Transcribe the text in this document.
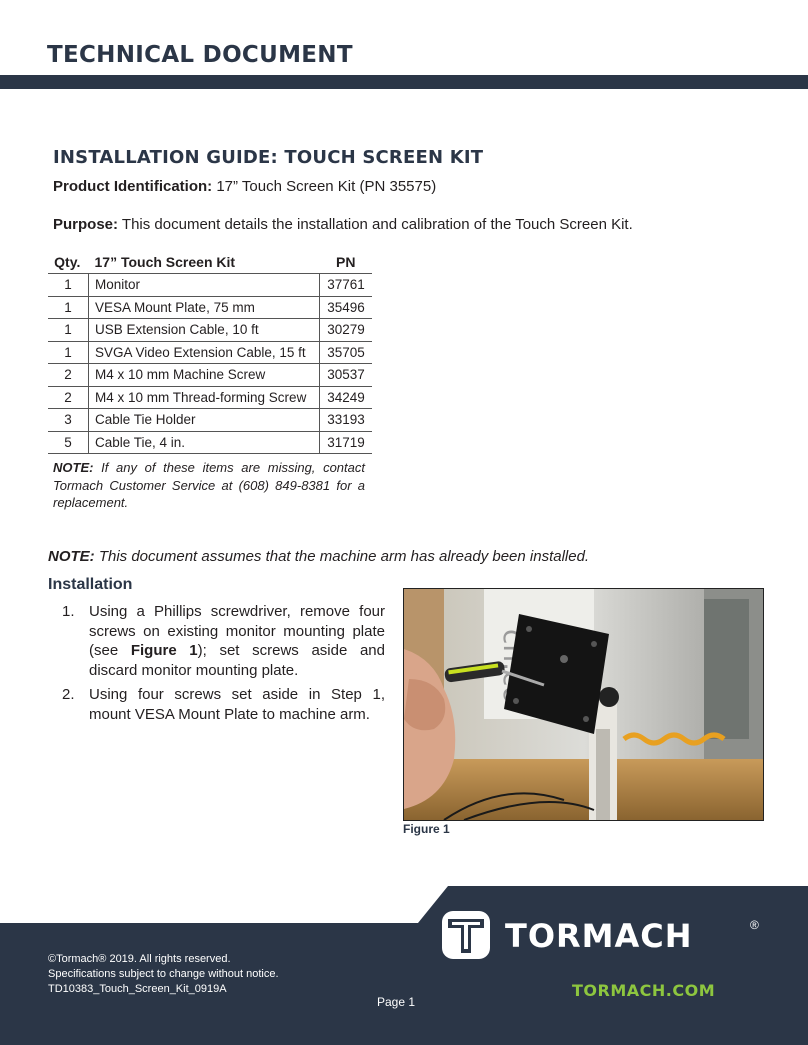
TECHNICAL DOCUMENT
INSTALLATION GUIDE: TOUCH SCREEN KIT
Product Identification: 17” Touch Screen Kit (PN 35575)
Purpose: This document details the installation and calibration of the Touch Screen Kit.
Qty.	17” Touch Screen Kit	PN
1	Monitor	37761
1	VESA Mount Plate, 75 mm	35496
1	USB Extension Cable, 10 ft	30279
1	SVGA Video Extension Cable, 15 ft	35705
2	M4 x 10 mm Machine Screw	30537
2	M4 x 10 mm Thread-forming Screw	34249
3	Cable Tie Holder	33193
5	Cable Tie, 4 in.	31719
NOTE: If any of these items are missing, contact Tormach Customer Service at (608) 849-8381 for a replacement.
NOTE: This document assumes that the machine arm has already been installed.
Installation
1. Using a Phillips screwdriver, remove four screws on existing monitor mounting plate (see Figure 1); set screws aside and discard monitor mounting plate.
2. Using four screws set aside in Step 1, mount VESA Mount Plate to machine arm.
Figure 1
TORMACH	®
TORMACH.COM
©Tormach® 2019. All rights reserved.
Specifications subject to change without notice.
TD10383_Touch_Screen_Kit_0919A
Page 1
